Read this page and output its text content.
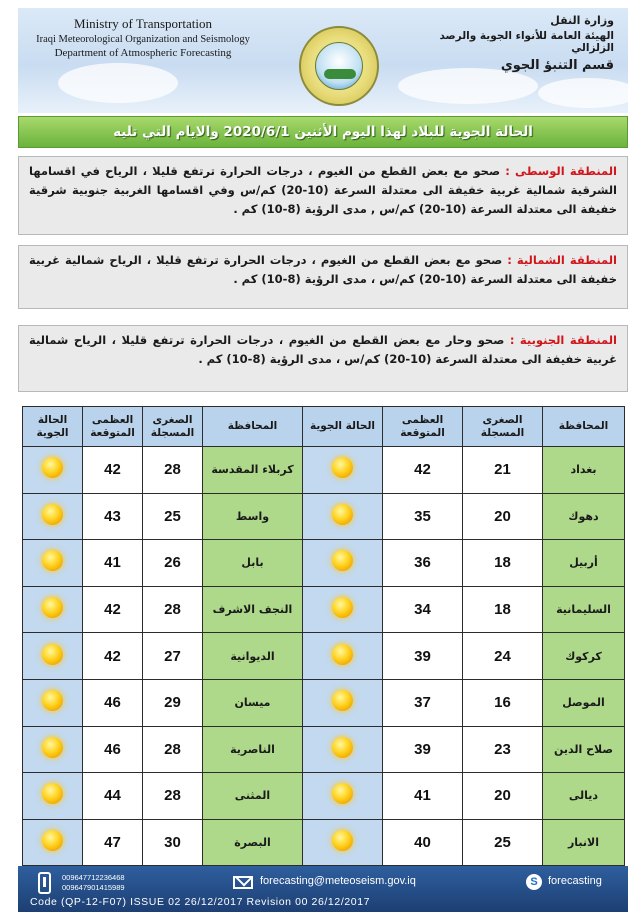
Ministry of Transportation
Iraqi Meteorological Organization and Seismology
Department of Atmospheric Forecasting
وزارة النقل
الهيئة العامة للأنواء الجوية والرصد الزلزالي
قسم التنبؤ الجوي
الحالة الجوية للبلاد لهذا اليوم الأثنين 2020/6/1 والايام التي تليه
المنطقة الوسطى : صحو مع بعض القطع من الغيوم ، درجات الحرارة ترتفع قليلا ، الرياح في اقسامها الشرقية شمالية غربية خفيفة الى معتدلة السرعة (10-20) كم/س وفي اقسامها الغربية جنوبية شرقية خفيفة الى معتدلة السرعة (10-20) كم/س , مدى الرؤية (8-10) كم .
المنطقة الشمالية : صحو مع بعض القطع من الغيوم ، درجات الحرارة ترتفع قليلا ، الرياح شمالية غربية خفيفة الى معتدلة السرعة (10-20) كم/س ، مدى الرؤية (8-10) كم .
المنطقة الجنوبية : صحو وحار مع بعض القطع من الغيوم ، درجات الحرارة ترتفع قليلا ، الرياح شمالية غربية خفيفة الى معتدلة السرعة (10-20) كم/س ، مدى الرؤية (8-10) كم .
المحافظة	الصغرى المسجلة	العظمى المتوقعة	الحالة الجوية	المحافظة	الصغرى المسجلة	العظمى المتوقعة	الحالة الجوية
بغداد	21	42		كربلاء المقدسة	28	42	
دهوك	20	35		واسط	25	43	
أربيل	18	36		بابل	26	41	
السليمانية	18	34		النجف الاشرف	28	42	
كركوك	24	39		الديوانية	27	42	
الموصل	16	37		ميسان	29	46	
صلاح الدين	23	39		الناصرية	28	46	
ديالى	20	41		المثنى	28	44	
الانبار	25	40		البصرة	30	47	
009647712236468
009647901415989
forecasting@meteoseism.gov.iq	S forecasting
Code (QP-12-F07) ISSUE 02 26/12/2017 Revision 00 26/12/2017
